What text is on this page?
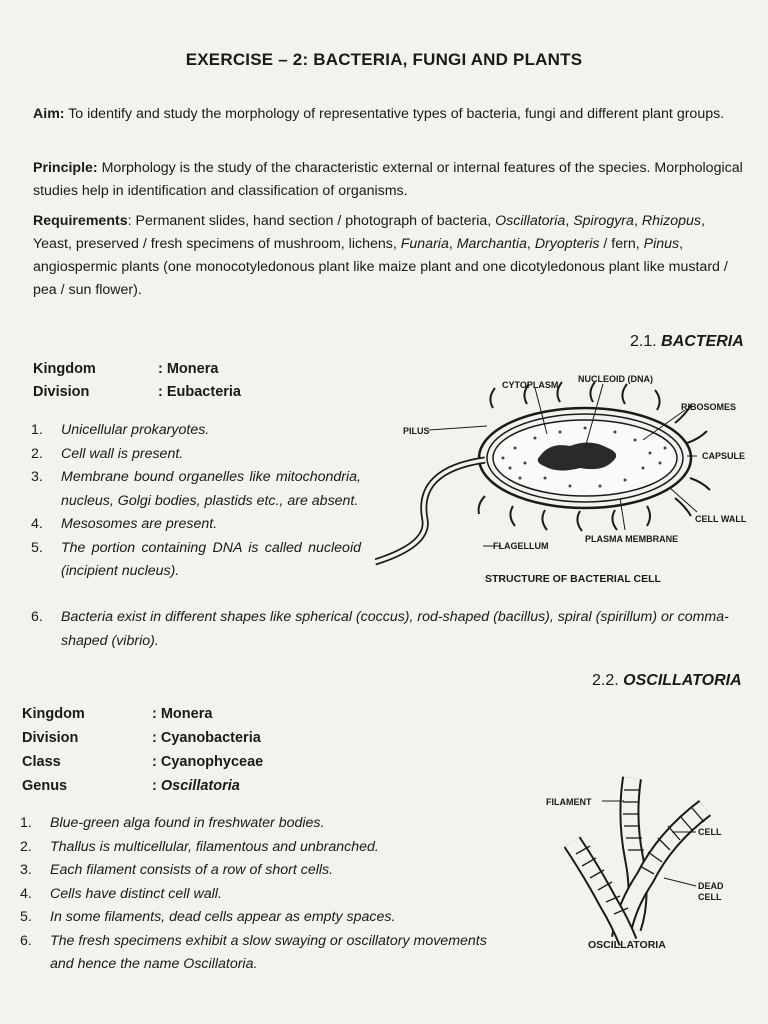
EXERCISE – 2: BACTERIA, FUNGI AND PLANTS
Aim: To identify and study the morphology of representative types of bacteria, fungi and different plant groups.
Principle: Morphology is the study of the characteristic external or internal features of the species. Morphological studies help in identification and classification of organisms.
Requirements: Permanent slides, hand section / photograph of bacteria, Oscillatoria, Spirogyra, Rhizopus, Yeast, preserved / fresh specimens of mushroom, lichens, Funaria, Marchantia, Dryopteris / fern, Pinus, angiospermic plants (one monocotyledonous plant like maize plant and one dicotyledonous plant like mustard / pea / sun flower).
2.1. BACTERIA
Kingdom	: Monera
Division	: Eubacteria
1. Unicellular prokaryotes.
2. Cell wall is present.
3. Membrane bound organelles like mitochondria, nucleus, Golgi bodies, plastids etc., are absent.
4. Mesosomes are present.
5. The portion containing DNA is called nucleoid (incipient nucleus).
6. Bacteria exist in different shapes like spherical (coccus), rod-shaped (bacillus), spiral (spirillum) or comma-shaped (vibrio).
CYTOPLASM
NUCLEOID (DNA)
RIBOSOMES
PILUS
CAPSULE
CELL WALL
PLASMA MEMBRANE
FLAGELLUM
STRUCTURE OF BACTERIAL CELL
2.2. OSCILLATORIA
Kingdom	: Monera
Division	: Cyanobacteria
Class	: Cyanophyceae
Genus	: Oscillatoria
1. Blue-green alga found in freshwater bodies.
2. Thallus is multicellular, filamentous and unbranched.
3. Each filament consists of a row of short cells.
4. Cells have distinct cell wall.
5. In some filaments, dead cells appear as empty spaces.
6. The fresh specimens exhibit a slow swaying or oscillatory movements and hence the name Oscillatoria.
FILAMENT
CELL
DEAD
CELL
OSCILLATORIA
